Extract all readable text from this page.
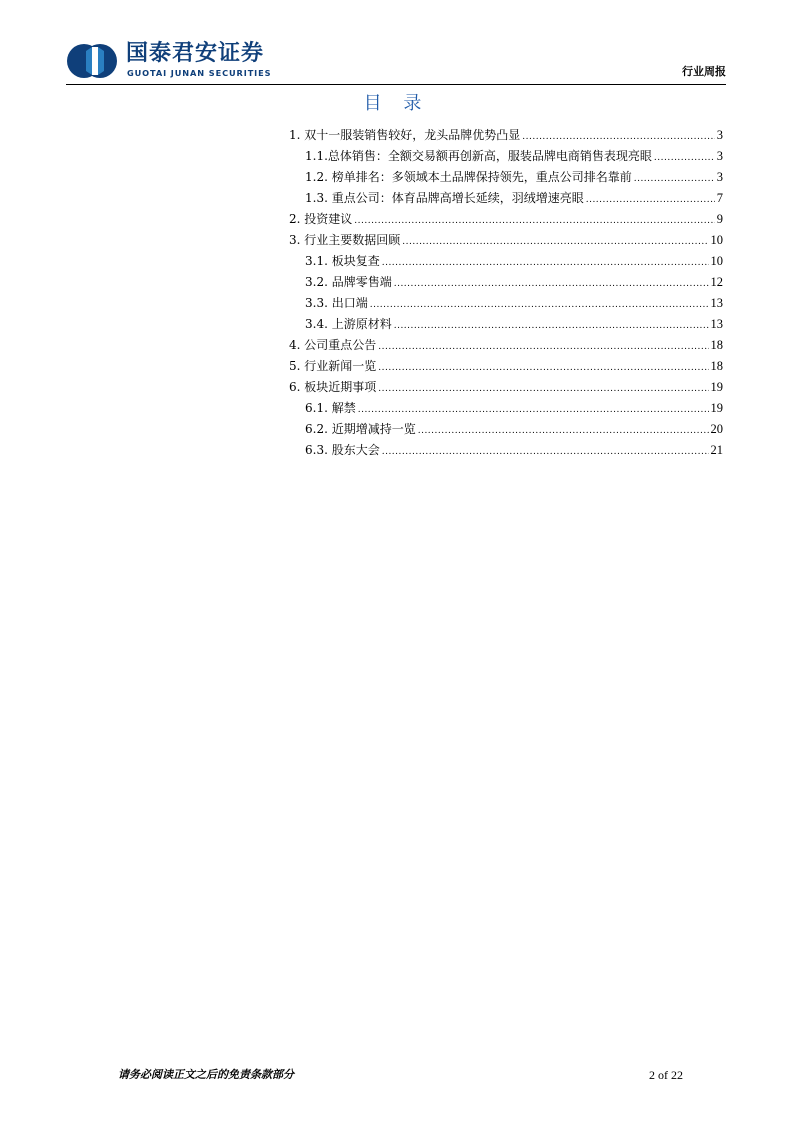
国泰君安证券
GUOTAI JUNAN SECURITIES	行业周报
目 录
1. 双十一服装销售较好，龙头品牌优势凸显 .....	3
1.1.总体销售：全额交易额再创新高，服装品牌电商销售表现亮眼 .....	3
1.2. 榜单排名：多领域本土品牌保持领先，重点公司排名靠前 .....	3
1.3. 重点公司：体育品牌高增长延续，羽绒增速亮眼 .....	7
2. 投资建议 .....	9
3. 行业主要数据回顾 .....	10
3.1. 板块复查 .....	10
3.2. 品牌零售端 .....	12
3.3. 出口端 .....	13
3.4. 上游原材料 .....	13
4. 公司重点公告 .....	18
5. 行业新闻一览 .....	18
6. 板块近期事项 .....	19
6.1. 解禁 .....	19
6.2. 近期增减持一览 .....	20
6.3. 股东大会 .....	21
请务必阅读正文之后的免责条款部分	2 of 22
